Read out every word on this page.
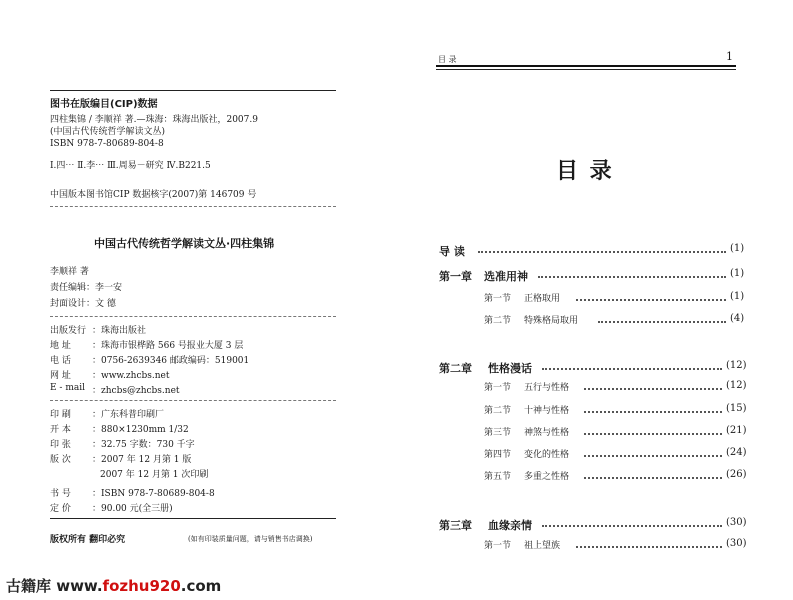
图书在版编目(CIP)数据
四柱集锦 / 李顺祥 著.—珠海：珠海出版社，2007.9
(中国古代传统哲学解读文丛)
ISBN 978-7-80689-804-8
Ⅰ.四⋯ Ⅱ.李⋯ Ⅲ.周易－研究 Ⅳ.B221.5
中国版本图书馆CIP 数据核字(2007)第 146709 号
中国古代传统哲学解读文丛·四柱集锦
李顺祥 著
责任编辑：李一安
封面设计：文 德
出版发行 ：珠海出版社
地 址 ：珠海市银桦路 566 号报业大厦 3 层
电 话 ：0756-2639346 邮政编码：519001
网 址 ：www.zhcbs.net
E - mail ：zhcbs@zhcbs.net
印 刷 ：广东科普印刷厂
开 本 ：880×1230mm 1/32
印 张 ：32.75 字数：730 千字
版 次 ：2007 年 12 月第 1 版
2007 年 12 月第 1 次印刷
书 号 ：ISBN 978-7-80689-804-8
定 价 ：90.00 元(全三册)
版权所有 翻印必究	(如有印装质量问题，请与销售书店调换)
目 录	1
目 录
导 读	(1)
第一章 选准用神	(1)
第一节 正格取用	(1)
第二节 特殊格局取用	(4)
第二章 性格漫话	(12)
第一节 五行与性格	(12)
第二节 十神与性格	(15)
第三节 神煞与性格	(21)
第四节 变化的性格	(24)
第五节 多重之性格	(26)
第三章 血缘亲情	(30)
第一节 祖上望族	(30)
古籍库 www.fozhu920.com
